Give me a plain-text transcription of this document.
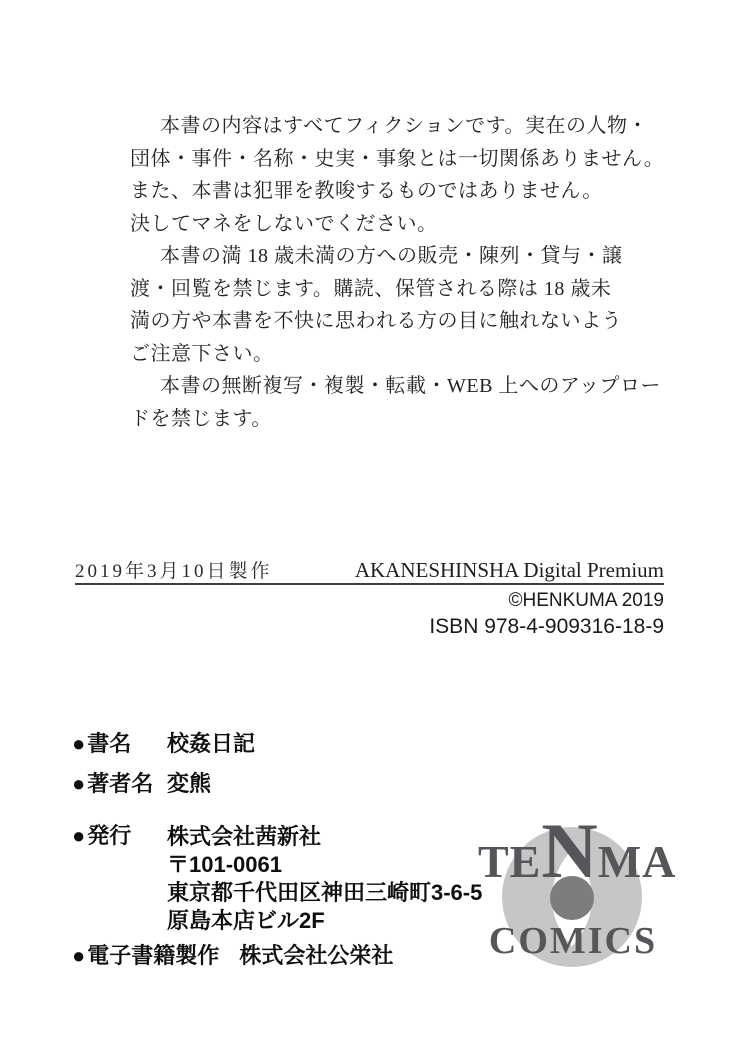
本書の内容はすべてフィクションです。実在の人物・
団体・事件・名称・史実・事象とは一切関係ありません。
また、本書は犯罪を教唆するものではありません。
決してマネをしないでください。
本書の満 18 歳未満の方への販売・陳列・貸与・譲
渡・回覧を禁じます。購読、保管される際は 18 歳未
満の方や本書を不快に思われる方の目に触れないよう
ご注意下さい。
本書の無断複写・複製・転載・WEB 上へのアップロー
ドを禁じます。
2019年3月10日製作	AKANESHINSHA Digital Premium
©HENKUMA 2019
ISBN 978-4-909316-18-9
● 書名 校姦日記
● 著者名 変熊
● 発行 株式会社茜新社
〒101-0061
東京都千代田区神田三崎町3-6-5
原島本店ビル2F
● 電子書籍製作 株式会社公栄社
TENMA
COMICS
